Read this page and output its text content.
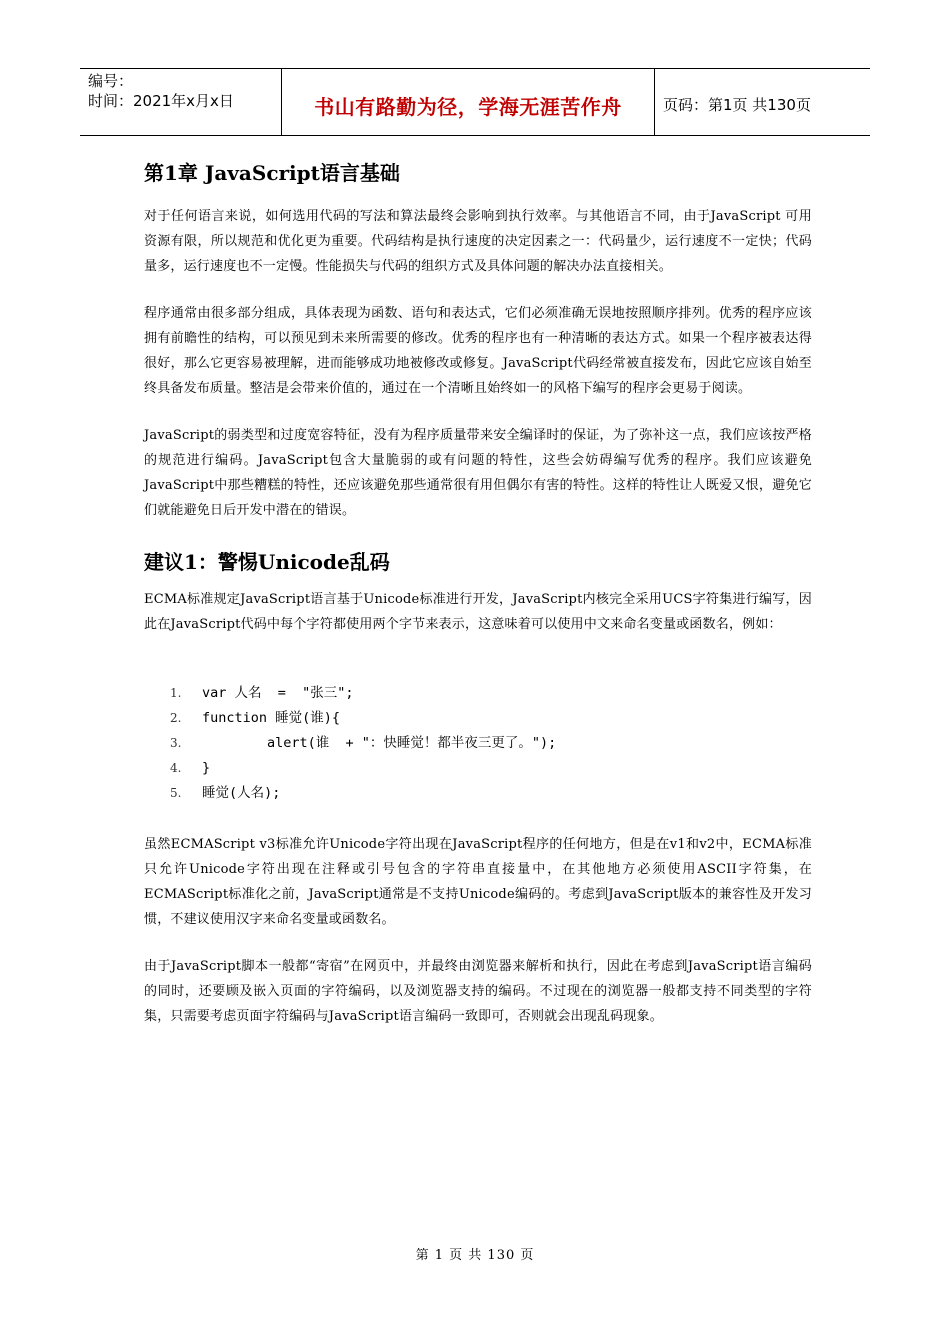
编号：
时间：2021年x月x日	书山有路勤为径，学海无涯苦作舟	页码：第1页 共130页
第1章 JavaScript语言基础

对于任何语言来说，如何选用代码的写法和算法最终会影响到执行效率。与其他语言不同，由于JavaScript 可用资源有限，所以规范和优化更为重要。代码结构是执行速度的决定因素之一：代码量少，运行速度不一定快；代码量多，运行速度也不一定慢。性能损失与代码的组织方式及具体问题的解决办法直接相关。

程序通常由很多部分组成，具体表现为函数、语句和表达式，它们必须准确无误地按照顺序排列。优秀的程序应该拥有前瞻性的结构，可以预见到未来所需要的修改。优秀的程序也有一种清晰的表达方式。如果一个程序被表达得很好，那么它更容易被理解，进而能够成功地被修改或修复。JavaScript代码经常被直接发布，因此它应该自始至终具备发布质量。整洁是会带来价值的，通过在一个清晰且始终如一的风格下编写的程序会更易于阅读。

JavaScript的弱类型和过度宽容特征，没有为程序质量带来安全编译时的保证，为了弥补这一点，我们应该按严格的规范进行编码。JavaScript包含大量脆弱的或有问题的特性，这些会妨碍编写优秀的程序。我们应该避免JavaScript中那些糟糕的特性，还应该避免那些通常很有用但偶尔有害的特性。这样的特性让人既爱又恨，避免它们就能避免日后开发中潜在的错误。

建议1：警惕Unicode乱码

ECMA标准规定JavaScript语言基于Unicode标准进行开发，JavaScript内核完全采用UCS字符集进行编写，因此在JavaScript代码中每个字符都使用两个字节来表示，这意味着可以使用中文来命名变量或函数名，例如：

1.	var 人名  =  "张三";
2.	function 睡觉(谁){
3.	alert(谁  + "：快睡觉！都半夜三更了。");
4.	}
5.	睡觉(人名);

虽然ECMAScript v3标准允许Unicode字符出现在JavaScript程序的任何地方，但是在v1和v2中，ECMA标准只允许Unicode字符出现在注释或引号包含的字符串直接量中，在其他地方必须使用ASCII字符集，在ECMAScript标准化之前，JavaScript通常是不支持Unicode编码的。考虑到JavaScript版本的兼容性及开发习惯，不建议使用汉字来命名变量或函数名。

由于JavaScript脚本一般都“寄宿”在网页中，并最终由浏览器来解析和执行，因此在考虑到JavaScript语言编码的同时，还要顾及嵌入页面的字符编码，以及浏览器支持的编码。不过现在的浏览器一般都支持不同类型的字符集，只需要考虑页面字符编码与JavaScript语言编码一致即可，否则就会出现乱码现象。

第 1 页 共 130 页
